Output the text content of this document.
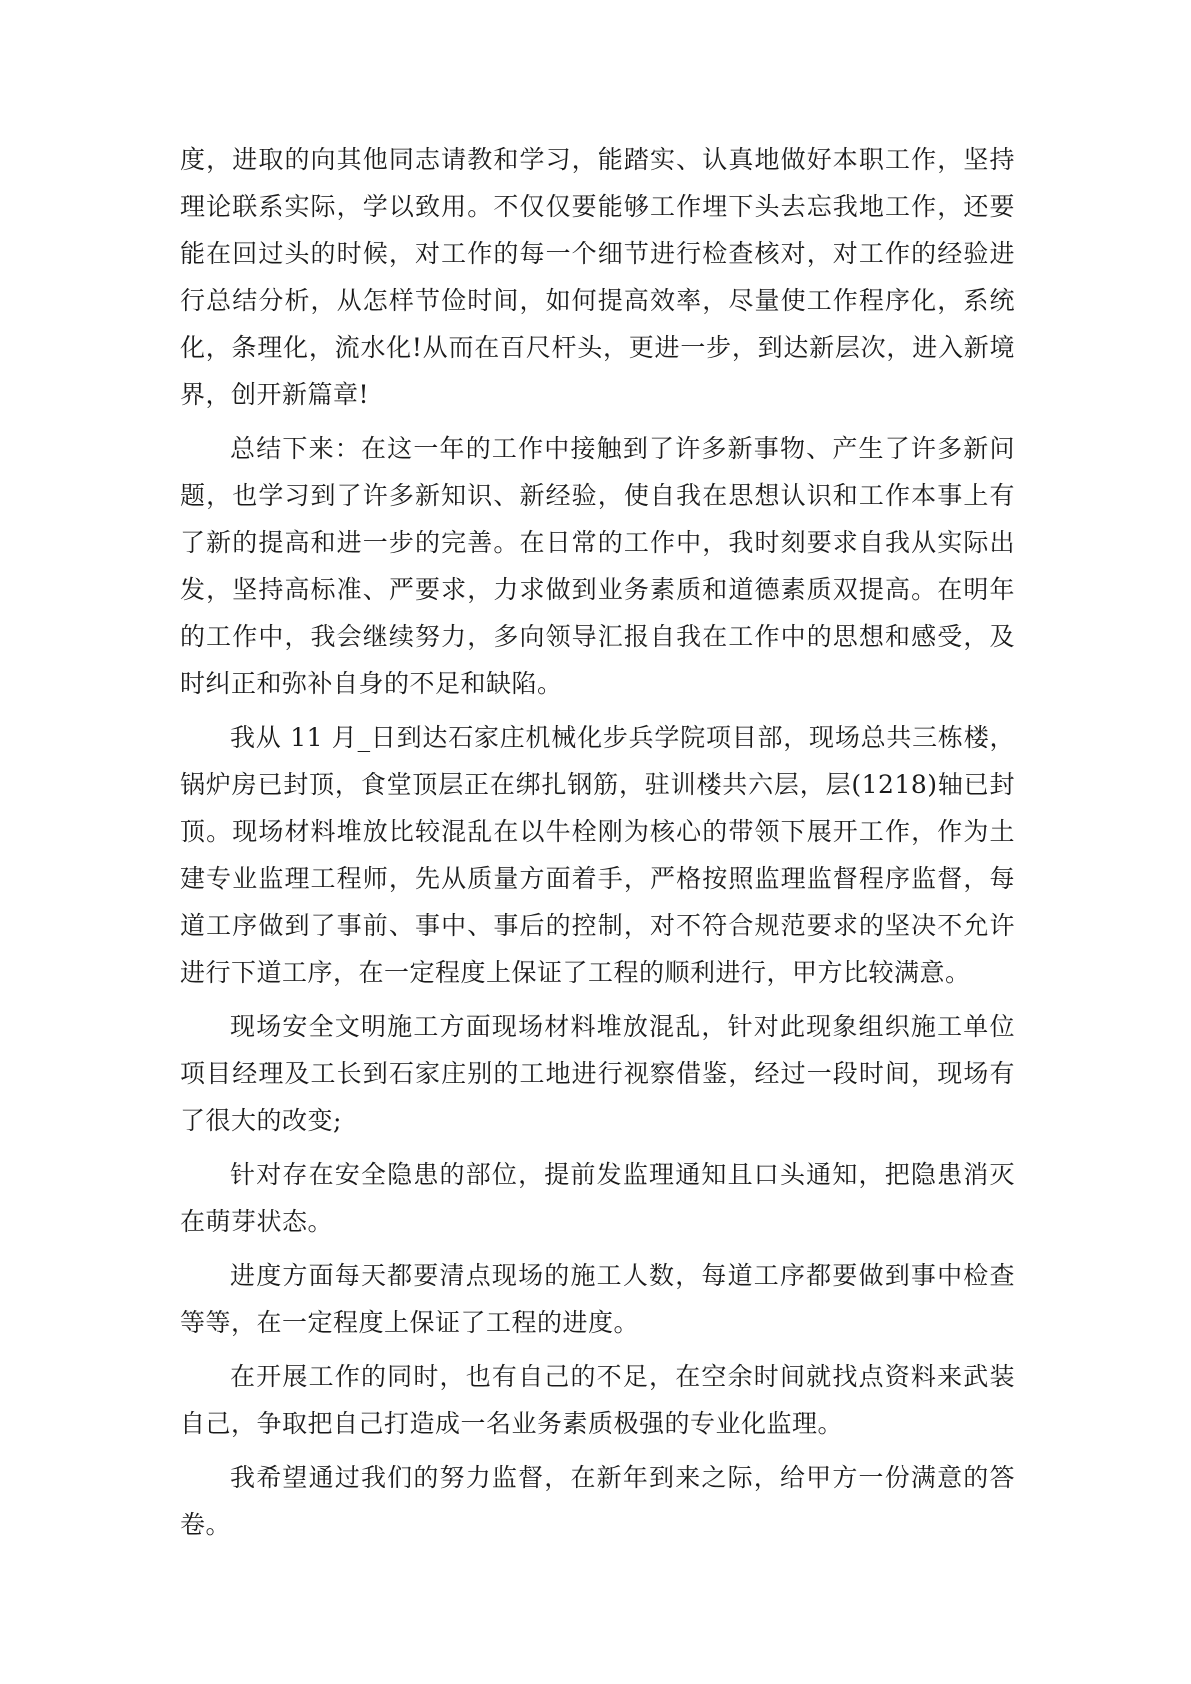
度，进取的向其他同志请教和学习，能踏实、认真地做好本职工作，坚持理论联系实际，学以致用。不仅仅要能够工作埋下头去忘我地工作，还要能在回过头的时候，对工作的每一个细节进行检查核对，对工作的经验进行总结分析，从怎样节俭时间，如何提高效率，尽量使工作程序化，系统化，条理化，流水化!从而在百尺杆头，更进一步，到达新层次，进入新境界，创开新篇章!

总结下来：在这一年的工作中接触到了许多新事物、产生了许多新问题，也学习到了许多新知识、新经验，使自我在思想认识和工作本事上有了新的提高和进一步的完善。在日常的工作中，我时刻要求自我从实际出发，坚持高标准、严要求，力求做到业务素质和道德素质双提高。在明年的工作中，我会继续努力，多向领导汇报自我在工作中的思想和感受，及时纠正和弥补自身的不足和缺陷。

我从 11 月_日到达石家庄机械化步兵学院项目部，现场总共三栋楼，锅炉房已封顶，食堂顶层正在绑扎钢筋，驻训楼共六层，层(1218)轴已封顶。现场材料堆放比较混乱在以牛栓刚为核心的带领下展开工作，作为土建专业监理工程师，先从质量方面着手，严格按照监理监督程序监督，每道工序做到了事前、事中、事后的控制，对不符合规范要求的坚决不允许进行下道工序，在一定程度上保证了工程的顺利进行，甲方比较满意。

现场安全文明施工方面现场材料堆放混乱，针对此现象组织施工单位项目经理及工长到石家庄别的工地进行视察借鉴，经过一段时间，现场有了很大的改变;

针对存在安全隐患的部位，提前发监理通知且口头通知，把隐患消灭在萌芽状态。

进度方面每天都要清点现场的施工人数，每道工序都要做到事中检查等等，在一定程度上保证了工程的进度。

在开展工作的同时，也有自己的不足，在空余时间就找点资料来武装自己，争取把自己打造成一名业务素质极强的专业化监理。

我希望通过我们的努力监督，在新年到来之际，给甲方一份满意的答卷。
